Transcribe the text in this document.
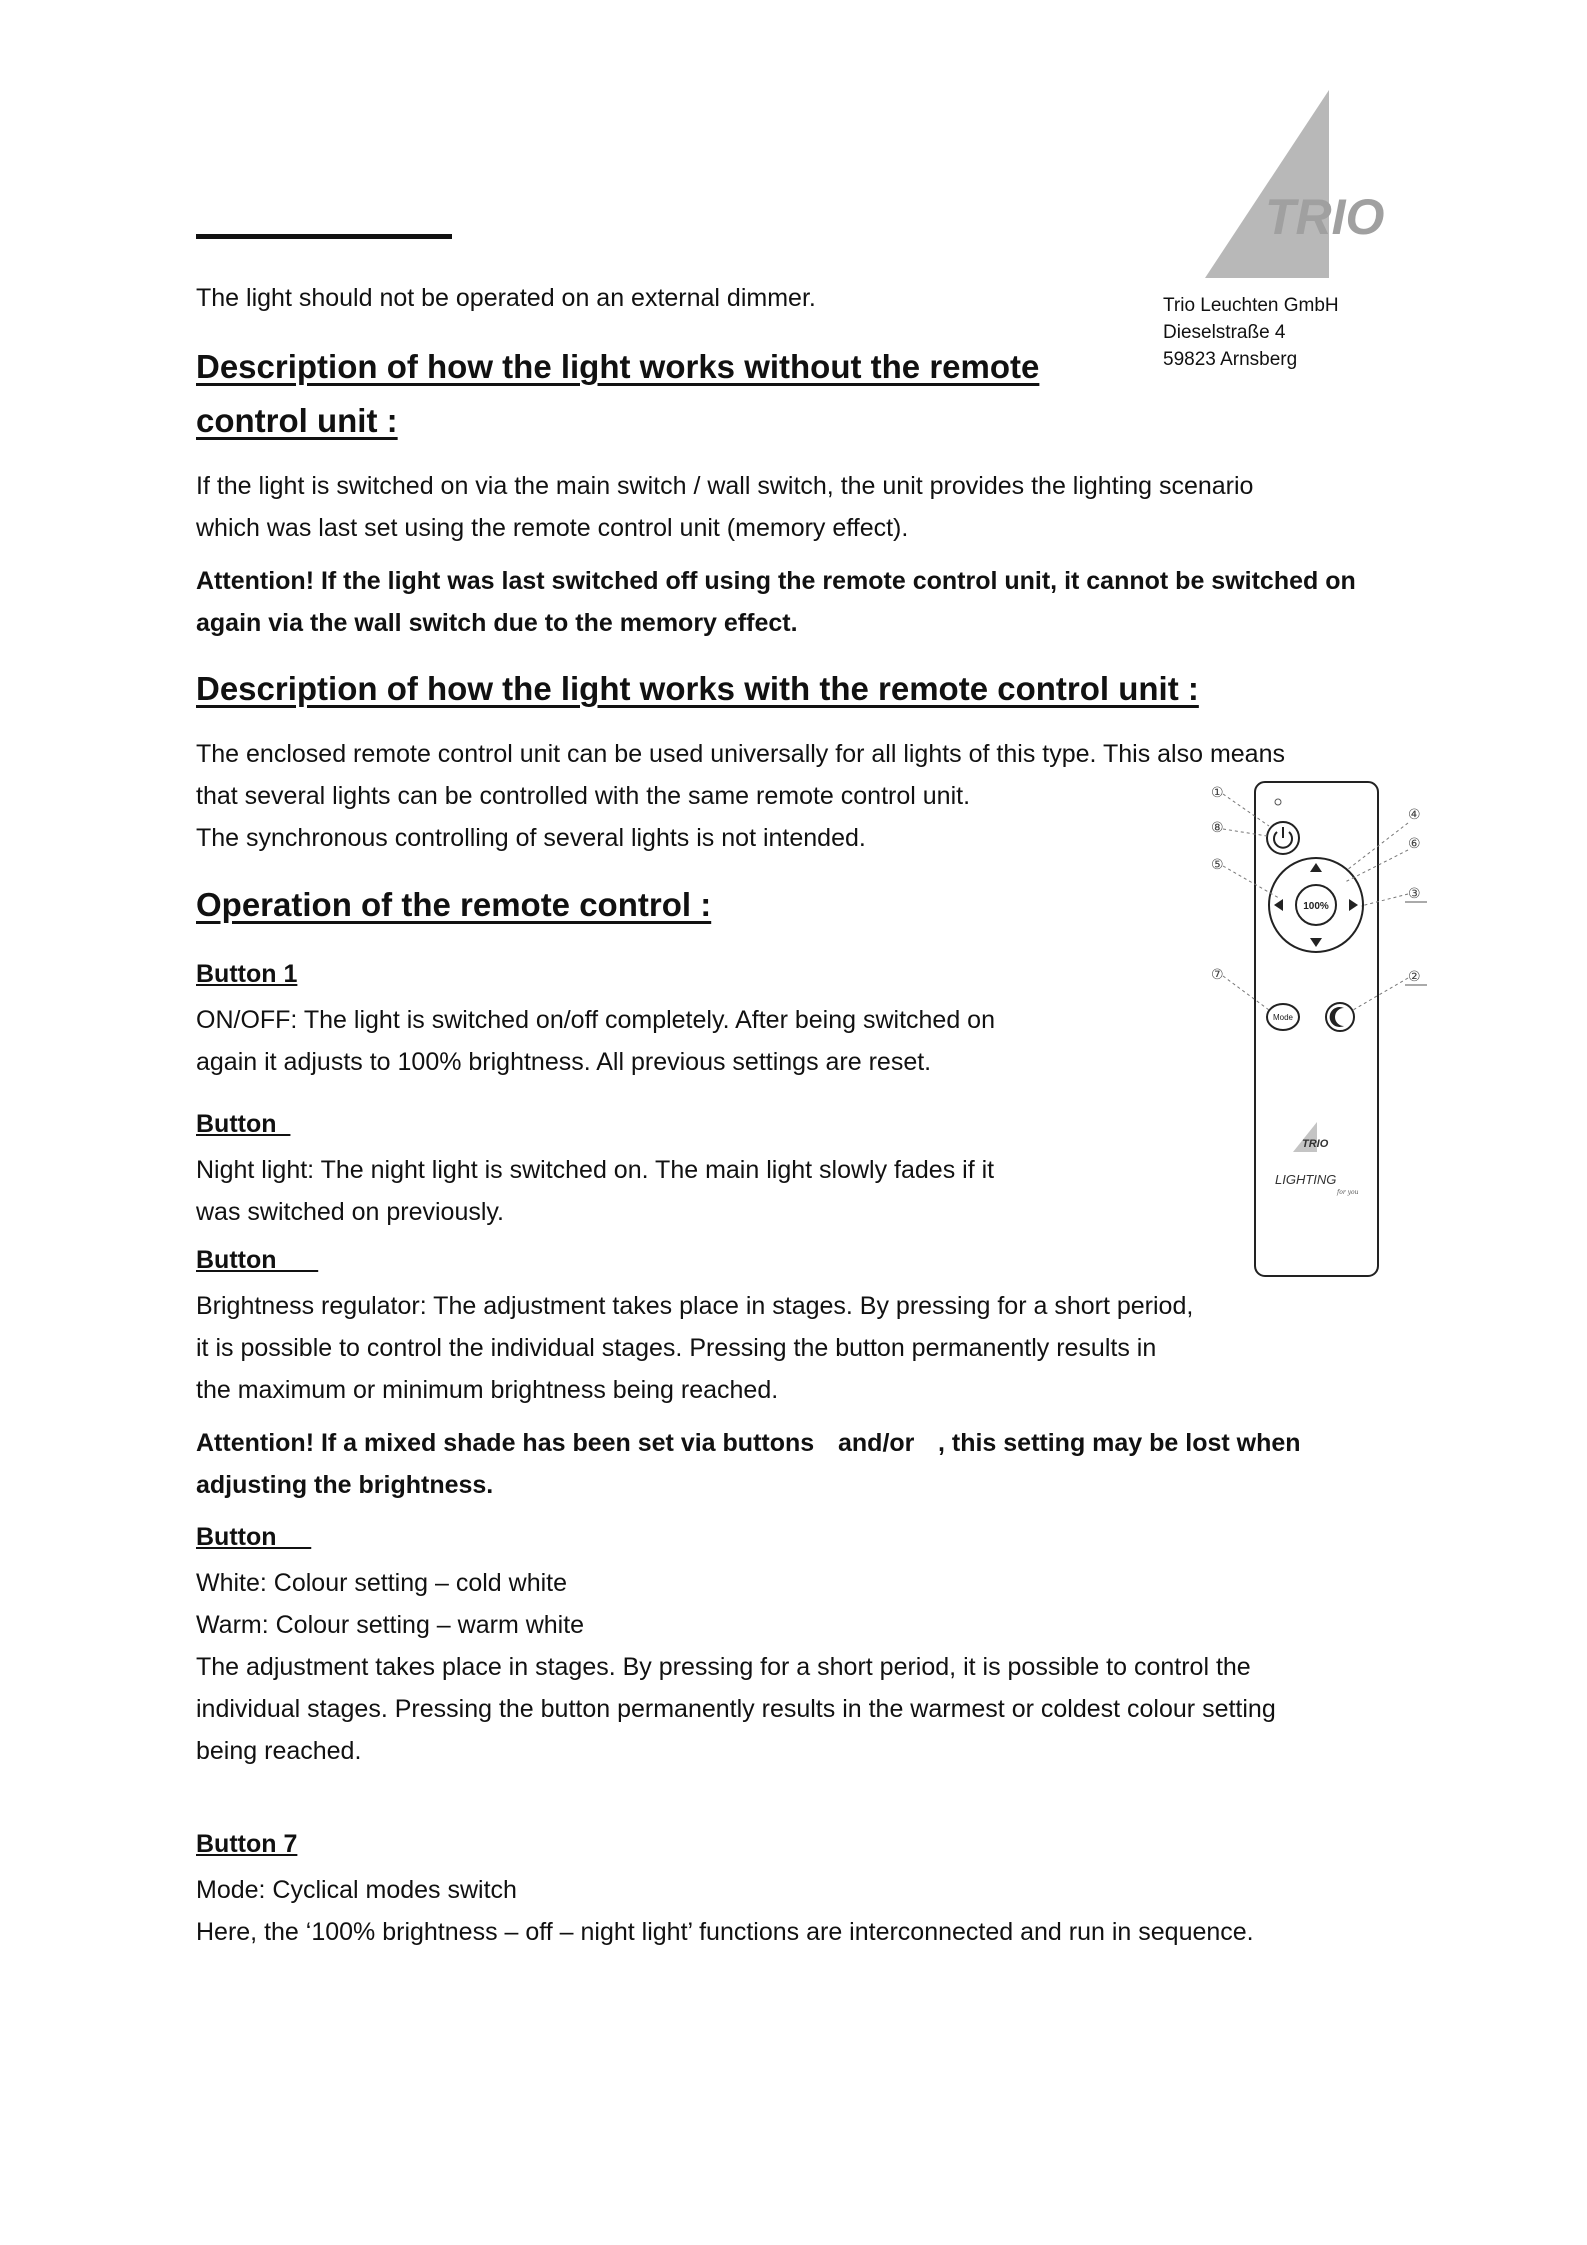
TRIO
Trio Leuchten GmbH
Dieselstraße 4
59823 Arnsberg
The light should not be operated on an external dimmer.
Description of how the light works without the remote
control unit :
If the light is switched on via the main switch / wall switch, the unit provides the lighting scenario
which was last set using the remote control unit (memory effect).
Attention! If the light was last switched off using the remote control unit, it cannot be switched on
again via the wall switch due to the memory effect.
Description of how the light works with the remote control unit :
The enclosed remote control unit can be used universally for all lights of this type. This also means
that several lights can be controlled with the same remote control unit.
The synchronous controlling of several lights is not intended.
Operation of the remote control :
Button 1
ON/OFF: The light is switched on/off completely. After being switched on
again it adjusts to 100% brightness. All previous settings are reset.
Button
Night light: The night light is switched on. The main light slowly fades if it
was switched on previously.
Button
Brightness regulator: The adjustment takes place in stages. By pressing for a short period,
it is possible to control the individual stages. Pressing the button permanently results in
the maximum or minimum brightness being reached.
Attention! If a mixed shade has been set via buttons and/or , this setting may be lost when
adjusting the brightness.
Button
White: Colour setting – cold white
Warm: Colour setting – warm white
The adjustment takes place in stages. By pressing for a short period, it is possible to control the
individual stages. Pressing the button permanently results in the warmest or coldest colour setting
being reached.
Button 7
Mode: Cyclical modes switch
Here, the ‘100% brightness – off – night light’ functions are interconnected and run in sequence.
100%
Mode
TRIO
LIGHTING
for you
①
⑧
⑤
⑦
④
⑥
③
②
